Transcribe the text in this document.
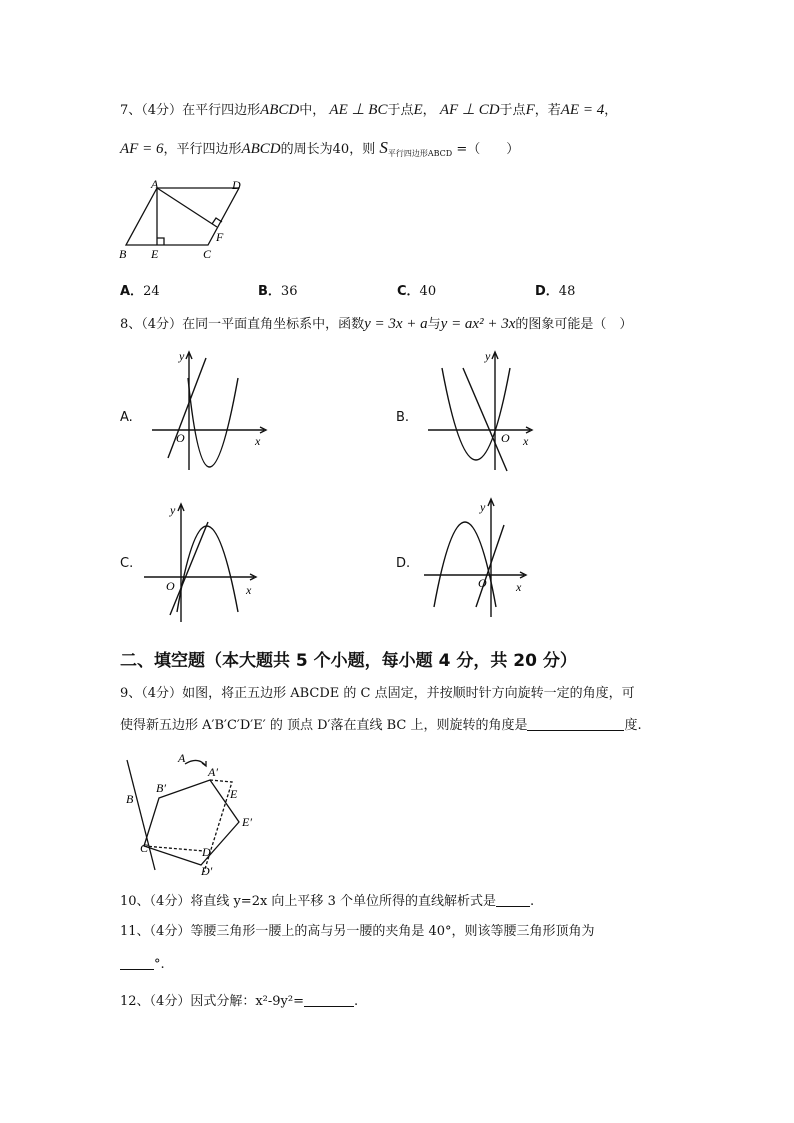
7、（4分）在平行四边形ABCD中， AE ⊥ BC于点E， AF ⊥ CD于点F，若AE = 4，
AF = 6，平行四边形ABCD的周长为40，则 $S_{平行四边形ABCD}$ =（　　）
A	D
B E	C
F
A．24	B．36	C．40	D．48
8、（4分）在同一平面直角坐标系中，函数y = 3x + a与y = ax² + 3x的图象可能是（　）
A.
y
x
O
B.
y
x
O
C.
y
x
O
D.
y
x
O
二、填空题（本大题共 5 个小题，每小题 4 分，共 20 分）
9、（4分）如图，将正五边形 ABCDE 的 C 点固定，并按顺时针方向旋转一定的角度，可
使得新五边形 A′B′C′D′E′ 的 顶点 D′落在直线 BC 上，则旋转的角度是	度.
A
A′
B
B′	E
E′
C	D
D′
10、（4分）将直线 y=2x 向上平移 3 个单位所得的直线解析式是	.
11、（4分）等腰三角形一腰上的高与另一腰的夹角是 40°，则该等腰三角形顶角为
°.
12、（4分）因式分解：x²-9y²=	.
